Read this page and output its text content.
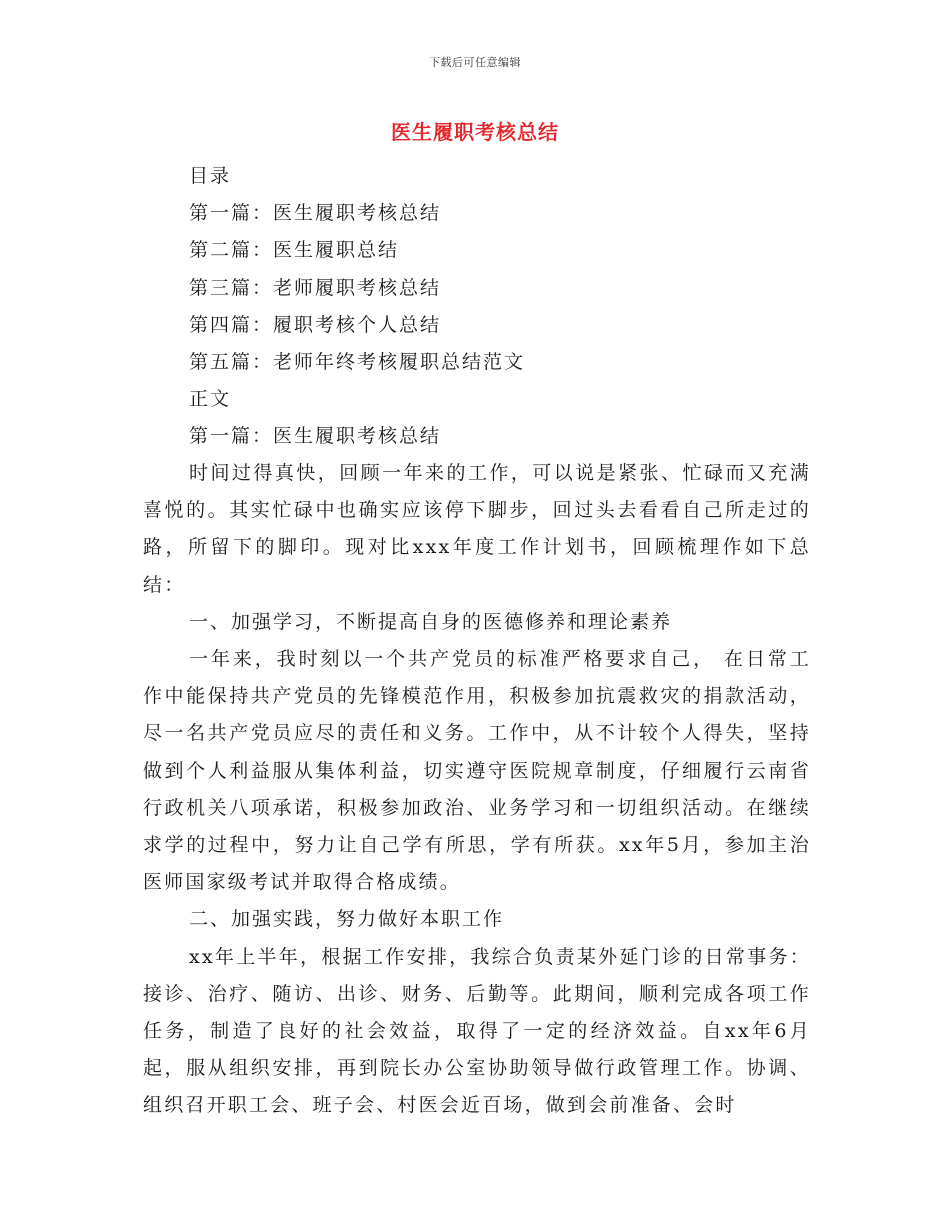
下载后可任意编辑
医生履职考核总结
目录
第一篇：医生履职考核总结
第二篇：医生履职总结
第三篇：老师履职考核总结
第四篇：履职考核个人总结
第五篇：老师年终考核履职总结范文
正文
第一篇：医生履职考核总结

时间过得真快，回顾一年来的工作，可以说是紧张、忙碌而又充满喜悦的。其实忙碌中也确实应该停下脚步，回过头去看看自己所走过的路，所留下的脚印。现对比xxx年度工作计划书，回顾梳理作如下总结：

一、加强学习，不断提高自身的医德修养和理论素养

一年来，我时刻以一个共产党员的标准严格要求自己， 在日常工作中能保持共产党员的先锋模范作用，积极参加抗震救灾的捐款活动，尽一名共产党员应尽的责任和义务。工作中，从不计较个人得失，坚持做到个人利益服从集体利益，切实遵守医院规章制度，仔细履行云南省行政机关八项承诺，积极参加政治、业务学习和一切组织活动。在继续求学的过程中，努力让自己学有所思，学有所获。xx年5月，参加主治医师国家级考试并取得合格成绩。

二、加强实践，努力做好本职工作

xx年上半年，根据工作安排，我综合负责某外延门诊的日常事务：接诊、治疗、随访、出诊、财务、后勤等。此期间，顺利完成各项工作任务，制造了良好的社会效益，取得了一定的经济效益。自xx年6月起，服从组织安排，再到院长办公室协助领导做行政管理工作。协调、组织召开职工会、班子会、村医会近百场，做到会前准备、会时
